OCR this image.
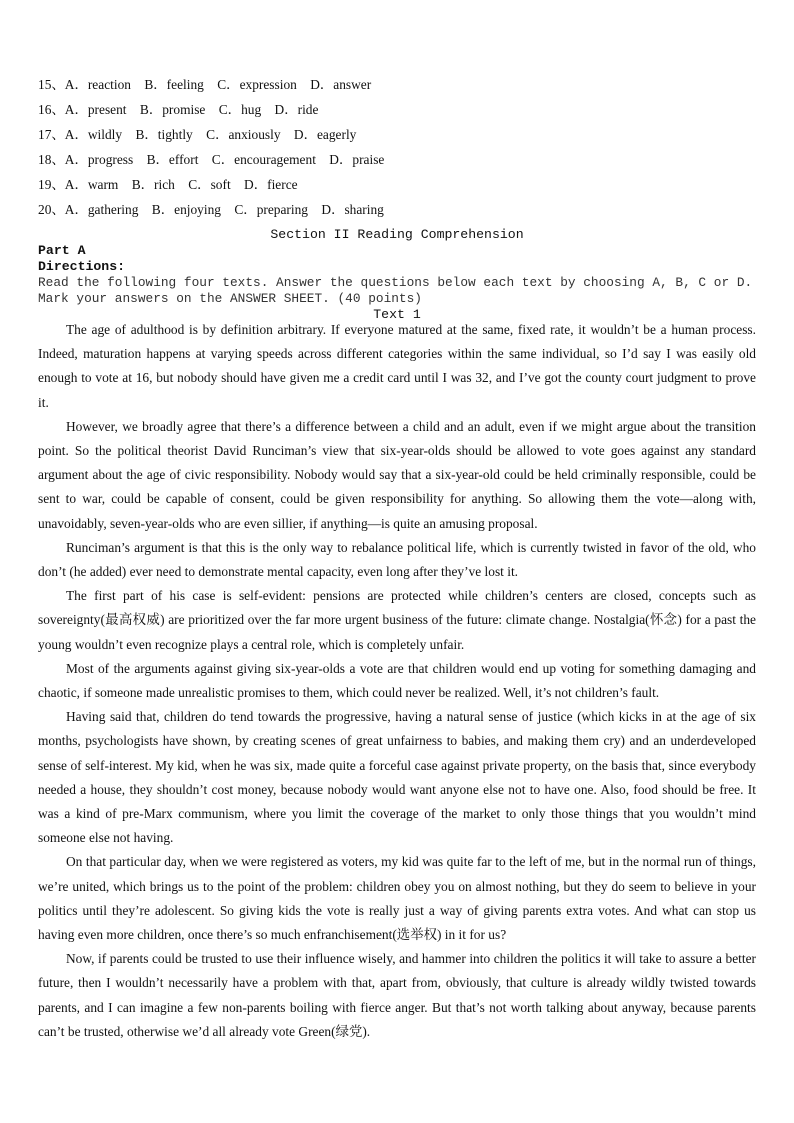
15、A．reaction　B．feeling　C．expression　D．answer
16、A．present　B．promise　C．hug　D．ride
17、A．wildly　B．tightly　C．anxiously　D．eagerly
18、A．progress　B．effort　C．encouragement　D．praise
19、A．warm　B．rich　C．soft　D．fierce
20、A．gathering　B．enjoying　C．preparing　D．sharing
Section II Reading Comprehension
Part A
Directions:
Read the following four texts. Answer the questions below each text by choosing A, B, C or D. Mark your answers on the ANSWER SHEET. (40 points)
Text 1

The age of adulthood is by definition arbitrary. If everyone matured at the same, fixed rate, it wouldn’t be a human process. Indeed, maturation happens at varying speeds across different categories within the same individual, so I’d say I was easily old enough to vote at 16, but nobody should have given me a credit card until I was 32, and I’ve got the county court judgment to prove it.

However, we broadly agree that there’s a difference between a child and an adult, even if we might argue about the transition point. So the political theorist David Runciman’s view that six-year-olds should be allowed to vote goes against any standard argument about the age of civic responsibility. Nobody would say that a six-year-old could be held criminally responsible, could be sent to war, could be capable of consent, could be given responsibility for anything. So allowing them the vote—along with, unavoidably, seven-year-olds who are even sillier, if anything—is quite an amusing proposal.

Runciman’s argument is that this is the only way to rebalance political life, which is currently twisted in favor of the old, who don’t (he added) ever need to demonstrate mental capacity, even long after they’ve lost it.

The first part of his case is self-evident: pensions are protected while children’s centers are closed, concepts such as sovereignty(最高权威) are prioritized over the far more urgent business of the future: climate change. Nostalgia(怀念) for a past the young wouldn’t even recognize plays a central role, which is completely unfair.

Most of the arguments against giving six-year-olds a vote are that children would end up voting for something damaging and chaotic, if someone made unrealistic promises to them, which could never be realized. Well, it’s not children’s fault.

Having said that, children do tend towards the progressive, having a natural sense of justice (which kicks in at the age of six months, psychologists have shown, by creating scenes of great unfairness to babies, and making them cry) and an underdeveloped sense of self-interest. My kid, when he was six, made quite a forceful case against private property, on the basis that, since everybody needed a house, they shouldn’t cost money, because nobody would want anyone else not to have one. Also, food should be free. It was a kind of pre-Marx communism, where you limit the coverage of the market to only those things that you wouldn’t mind someone else not having.

On that particular day, when we were registered as voters, my kid was quite far to the left of me, but in the normal run of things, we’re united, which brings us to the point of the problem: children obey you on almost nothing, but they do seem to believe in your politics until they’re adolescent. So giving kids the vote is really just a way of giving parents extra votes. And what can stop us having even more children, once there’s so much enfranchisement(选举权) in it for us?

Now, if parents could be trusted to use their influence wisely, and hammer into children the politics it will take to assure a better future, then I wouldn’t necessarily have a problem with that, apart from, obviously, that culture is already wildly twisted towards parents, and I can imagine a few non-parents boiling with fierce anger. But that’s not worth talking about anyway, because parents can’t be trusted, otherwise we’d all already vote Green(绿党).
